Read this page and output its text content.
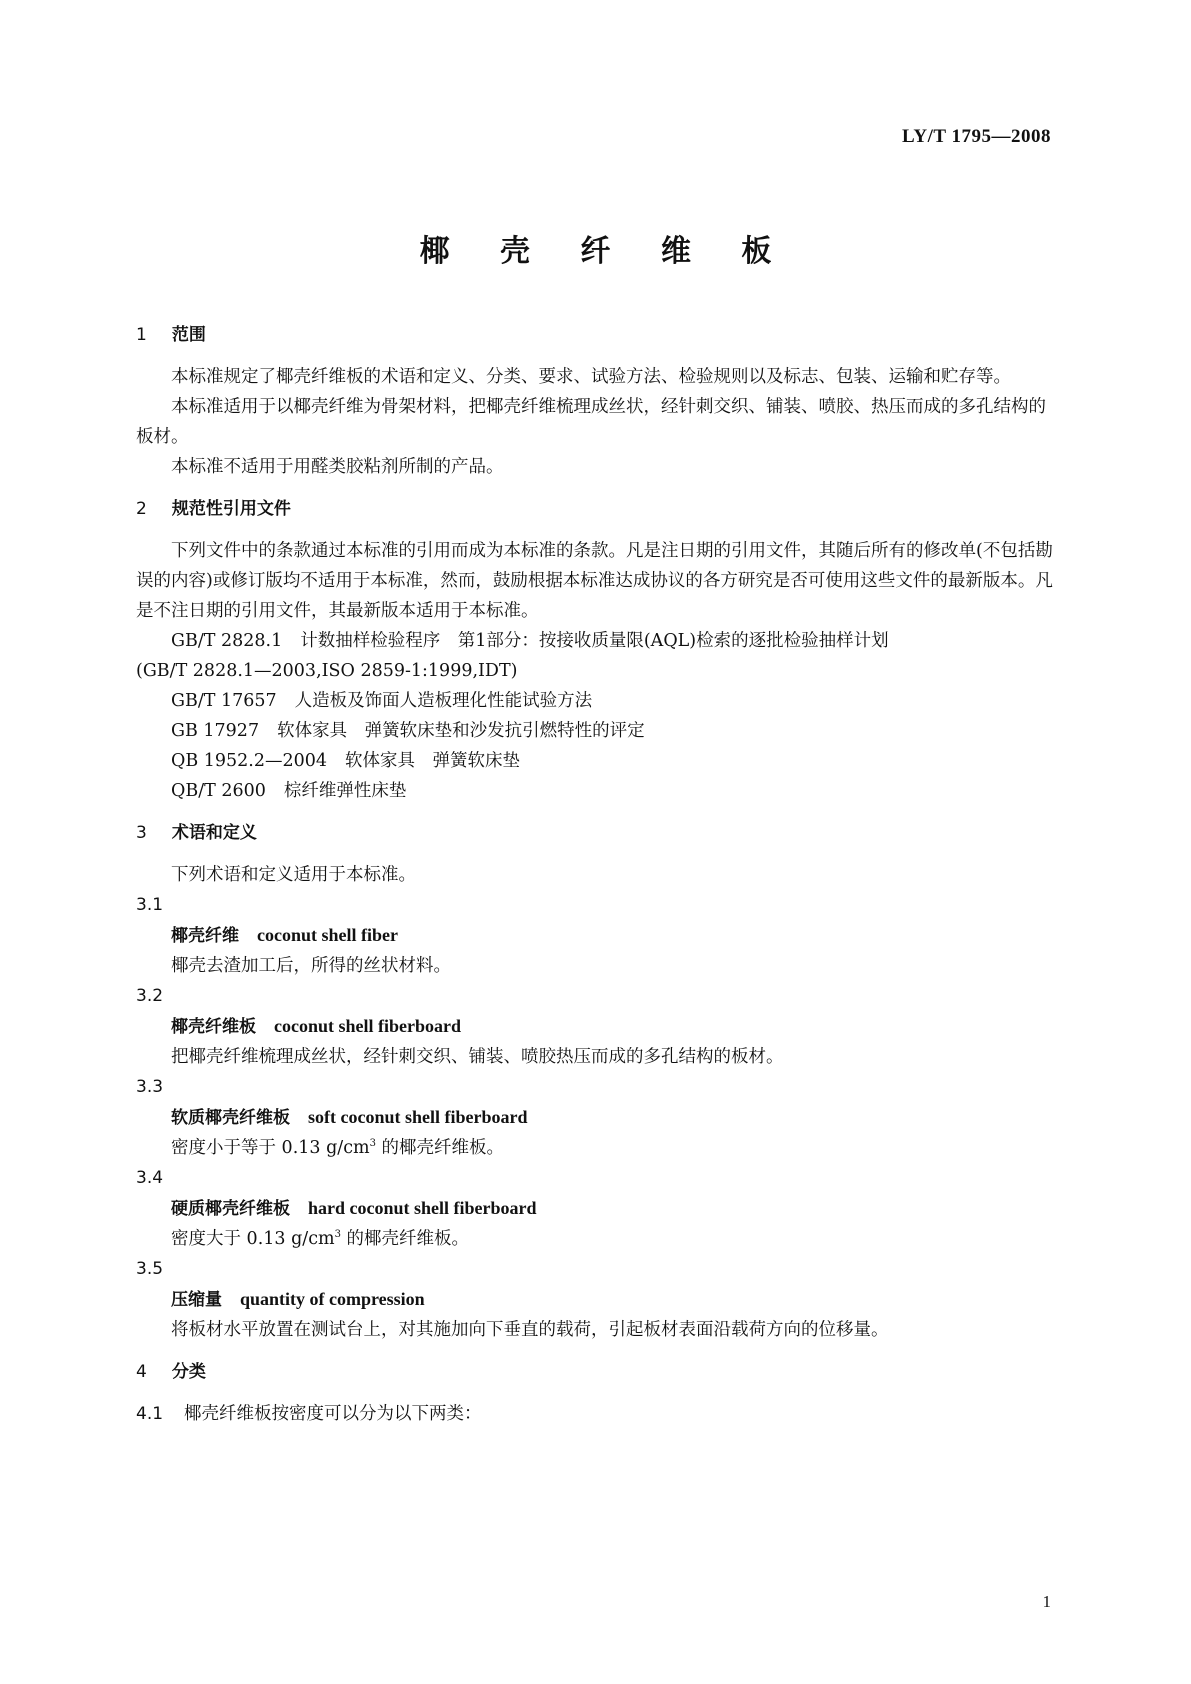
LY/T 1795—2008
椰 壳 纤 维 板
1 范围

本标准规定了椰壳纤维板的术语和定义、分类、要求、试验方法、检验规则以及标志、包装、运输和贮存等。

本标准适用于以椰壳纤维为骨架材料，把椰壳纤维梳理成丝状，经针刺交织、铺装、喷胶、热压而成的多孔结构的板材。

本标准不适用于用醛类胶粘剂所制的产品。

2 规范性引用文件

下列文件中的条款通过本标准的引用而成为本标准的条款。凡是注日期的引用文件，其随后所有的修改单(不包括勘误的内容)或修订版均不适用于本标准，然而，鼓励根据本标准达成协议的各方研究是否可使用这些文件的最新版本。凡是不注日期的引用文件，其最新版本适用于本标准。

GB/T 2828.1 计数抽样检验程序　第1部分：按接收质量限(AQL)检索的逐批检验抽样计划

(GB/T 2828.1—2003,ISO 2859-1:1999,IDT)

GB/T 17657 人造板及饰面人造板理化性能试验方法

GB 17927 软体家具　弹簧软床垫和沙发抗引燃特性的评定

QB 1952.2—2004 软体家具　弹簧软床垫

QB/T 2600 棕纤维弹性床垫

3 术语和定义

下列术语和定义适用于本标准。

3.1

椰壳纤维 coconut shell fiber

椰壳去渣加工后，所得的丝状材料。

3.2

椰壳纤维板 coconut shell fiberboard

把椰壳纤维梳理成丝状，经针刺交织、铺装、喷胶热压而成的多孔结构的板材。

3.3

软质椰壳纤维板 soft coconut shell fiberboard

密度小于等于 0.13 $g/cm^3$ 的椰壳纤维板。

3.4

硬质椰壳纤维板 hard coconut shell fiberboard

密度大于 0.13 $g/cm^3$ 的椰壳纤维板。

3.5

压缩量 quantity of compression

将板材水平放置在测试台上，对其施加向下垂直的载荷，引起板材表面沿载荷方向的位移量。

4 分类

4.1 椰壳纤维板按密度可以分为以下两类：

1
